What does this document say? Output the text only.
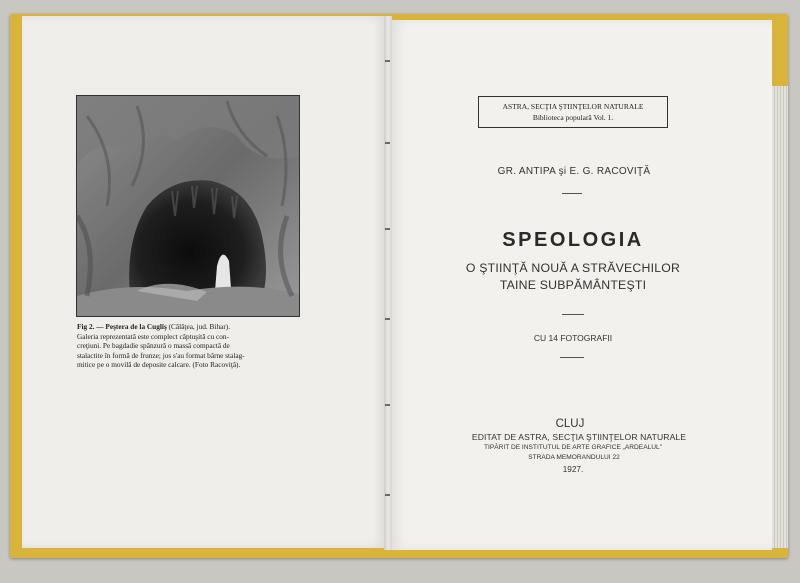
Fig 2. — Peştera de la Cugliş (Călăţea, jud. Bihar).
Galeria reprezentată este complect căptuşită cu con-
creţiuni. Pe bagdadie spânzură o massă compactă de
stalactite în formă de frunze; jos s'au format bârne stalag-
mitice pe o movilă de deposite calcare. (Foto Racoviţă).
ASTRA, SECŢIA ŞTIINŢELOR NATURALE
Biblioteca populară Vol. 1.
GR. ANTIPA şi E. G. RACOVIŢĂ
SPEOLOGIA
O ŞTIINŢĂ NOUĂ A STRĂVECHILOR
TAINE SUBPĂMÂNTEŞTI
CU 14 FOTOGRAFII
CLUJ
EDITAT DE ASTRA, SECŢIA ŞTIINŢELOR NATURALE
TIPĂRIT DE INSTITUTUL DE ARTE GRAFICE „ARDEALUL"
STRADA MEMORANDULUI 22
1927.
